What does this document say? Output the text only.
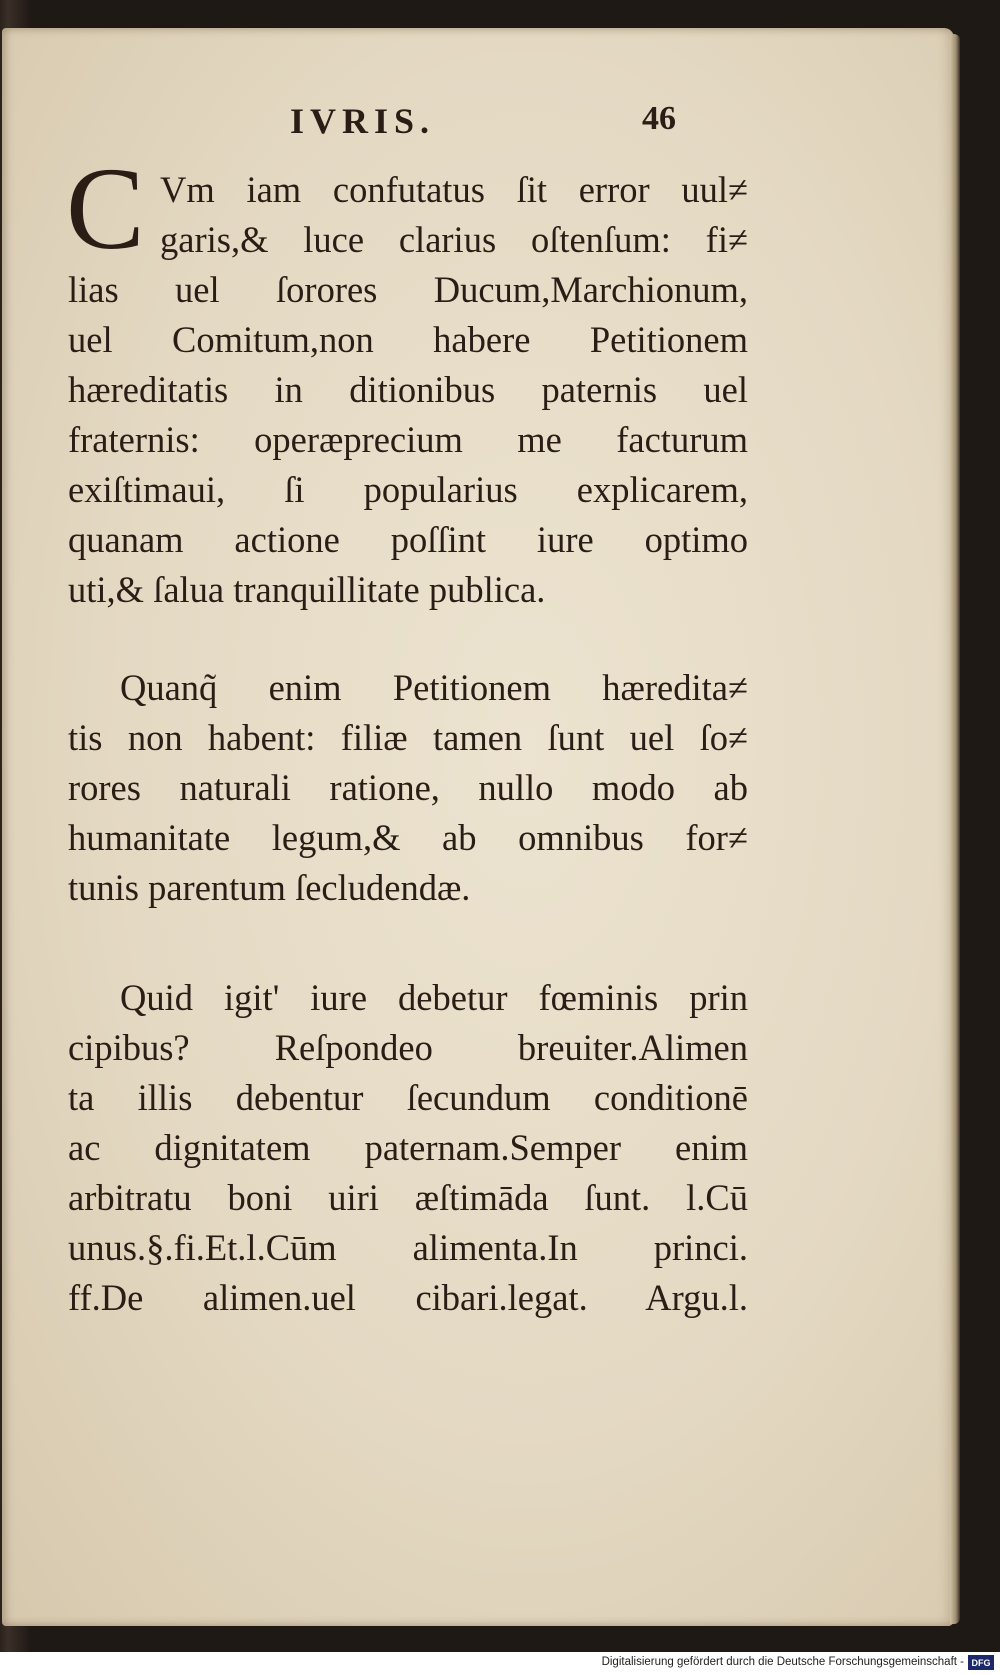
IVRIS.	46
C Vm iam confutatus ſit error uul≠
garis,& luce clarius oſtenſum: fi≠
lias uel ſorores Ducum,Marchionum,
uel Comitum,non habere Petitionem
hæreditatis in ditionibus paternis uel
fraternis: operæprecium me facturum
exiſtimaui, ſi popularius explicarem,
quanam actione poſſint iure optimo
uti,& ſalua tranquillitate publica.
Quanq̃ enim Petitionem hæredita≠
tis non habent: filiæ tamen ſunt uel ſo≠
rores naturali ratione, nullo modo ab
humanitate legum,& ab omnibus for≠
tunis parentum ſecludendæ.
Quid igit' iure debetur fœminis prin
cipibus? Reſpondeo breuiter.Alimen
ta illis debentur ſecundum conditionē
ac dignitatem paternam.Semper enim
arbitratu boni uiri æſtimāda ſunt. l.Cū
unus.§.fi.Et.l.Cūm alimenta.In princi.
ff.De alimen.uel cibari.legat. Argu.l.
Digitalisierung gefördert durch die Deutsche Forschungsgemeinschaft - DFG
